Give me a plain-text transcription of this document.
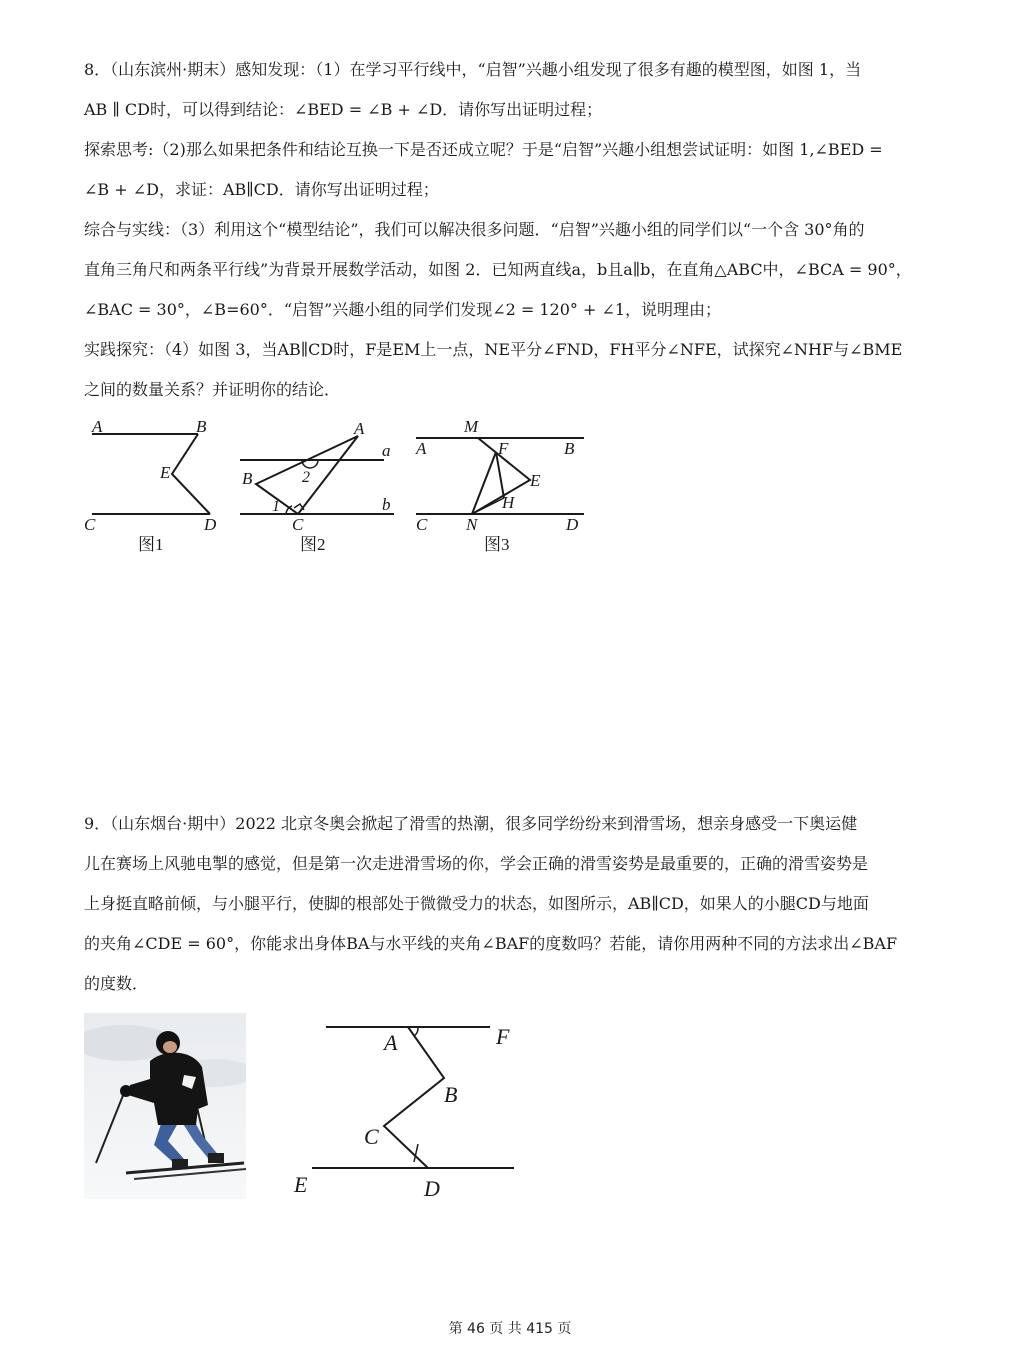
8．（山东滨州·期末）感知发现：（1）在学习平行线中，“启智”兴趣小组发现了很多有趣的模型图，如图 1，当
AB ∥ CD时，可以得到结论：∠BED = ∠B + ∠D．请你写出证明过程；
探索思考:（2)那么如果把条件和结论互换一下是否还成立呢？于是“启智”兴趣小组想尝试证明：如图 1,∠BED =
∠B + ∠D，求证：AB∥CD．请你写出证明过程；
综合与实线：（3）利用这个“模型结论”，我们可以解决很多问题．“启智”兴趣小组的同学们以“一个含 30°角的
直角三角尺和两条平行线”为背景开展数学活动，如图 2．已知两直线a，b且a∥b，在直角△ABC中，∠BCA = 90°，
∠BAC = 30°，∠B=60°．“启智”兴趣小组的同学们发现∠2 = 120° + ∠1，说明理由；
实践探究：（4）如图 3，当AB∥CD时，F是EM上一点，NE平分∠FND，FH平分∠NFE，试探究∠NHF与∠BME
之间的数量关系？并证明你的结论．
A	B
E
C	D
图1
A
a
B	2
1
C
b
图2
M
A	F	B
E
H
C N	D
图3
9．（山东烟台·期中）2022 北京冬奥会掀起了滑雪的热潮，很多同学纷纷来到滑雪场，想亲身感受一下奥运健
儿在赛场上风驰电掣的感觉，但是第一次走进滑雪场的你，学会正确的滑雪姿势是最重要的，正确的滑雪姿势是
上身挺直略前倾，与小腿平行，使脚的根部处于微微受力的状态，如图所示，AB∥CD，如果人的小腿CD与地面
的夹角∠CDE = 60°，你能求出身体BA与水平线的夹角∠BAF的度数吗？若能，请你用两种不同的方法求出∠BAF
的度数．
A	F
B
C
E	D
第 46 页 共 415 页
